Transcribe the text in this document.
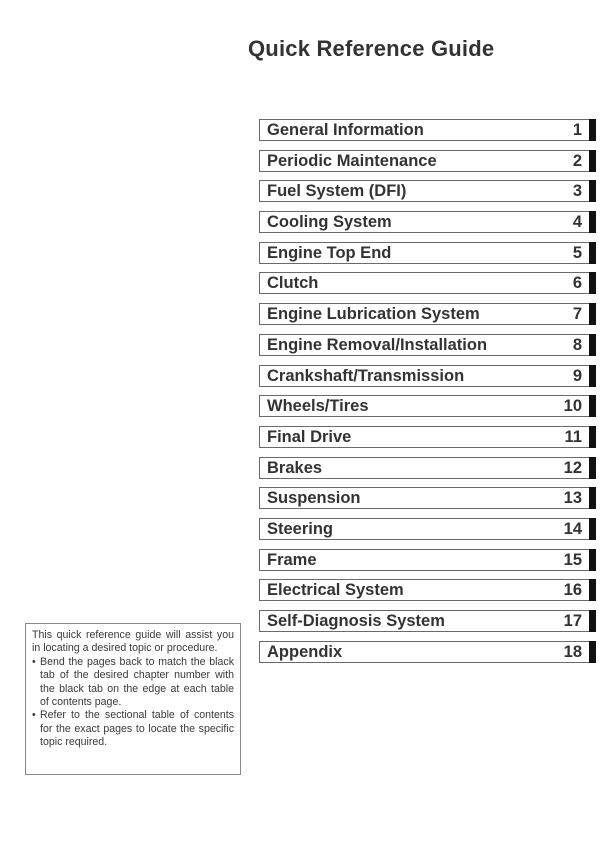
Quick Reference Guide
General Information	1
Periodic Maintenance	2
Fuel System (DFI)	3
Cooling System	4
Engine Top End	5
Clutch	6
Engine Lubrication System	7
Engine Removal/Installation	8
Crankshaft/Transmission	9
Wheels/Tires	10
Final Drive	11
Brakes	12
Suspension	13
Steering	14
Frame	15
Electrical System	16
Self-Diagnosis System	17
Appendix	18

This quick reference guide will assist you in locating a desired topic or procedure.

• Bend the pages back to match the black tab of the desired chapter number with the black tab on the edge at each table of contents page.
• Refer to the sectional table of contents for the exact pages to locate the specific topic required.
